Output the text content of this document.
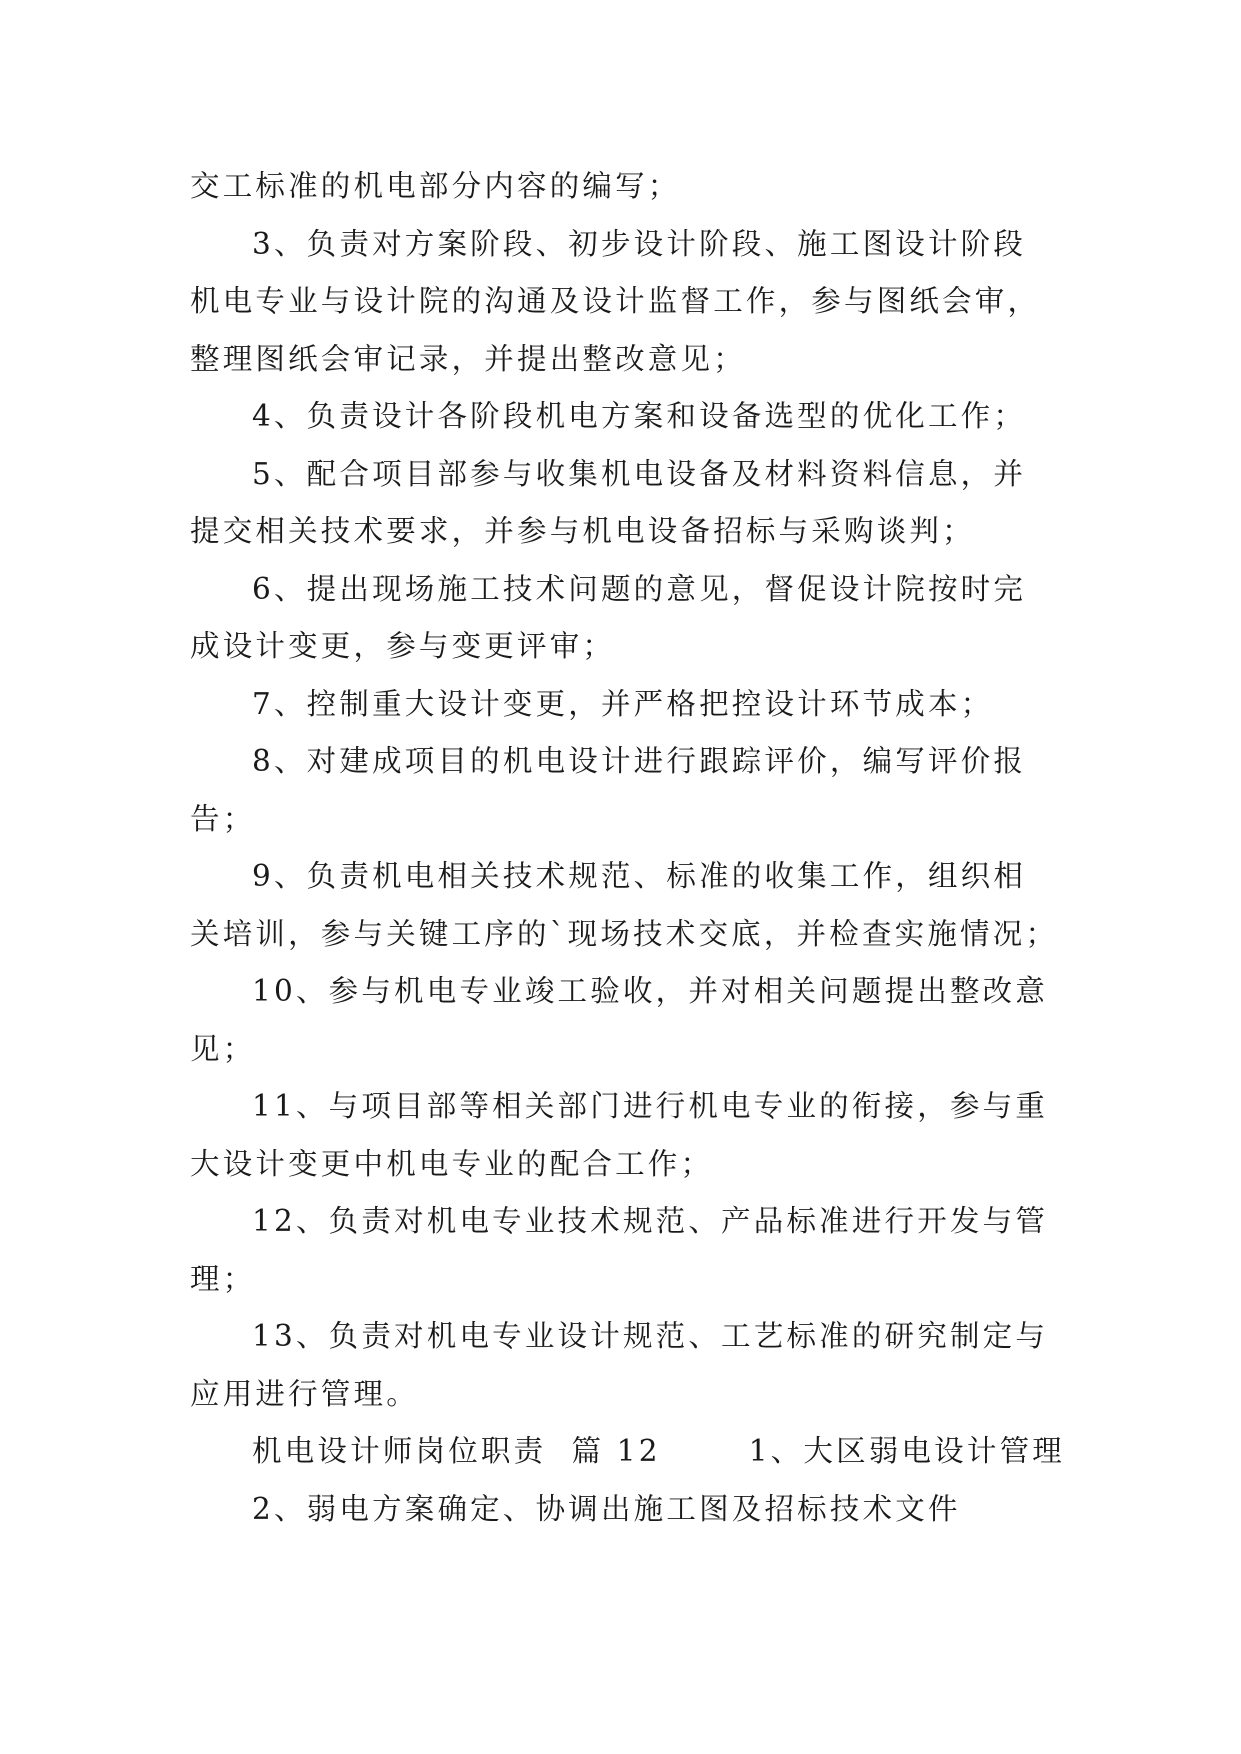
交工标准的机电部分内容的编写；
3、负责对方案阶段、初步设计阶段、施工图设计阶段
机电专业与设计院的沟通及设计监督工作，参与图纸会审，
整理图纸会审记录，并提出整改意见；
4、负责设计各阶段机电方案和设备选型的优化工作；
5、配合项目部参与收集机电设备及材料资料信息，并
提交相关技术要求，并参与机电设备招标与采购谈判；
6、提出现场施工技术问题的意见，督促设计院按时完
成设计变更，参与变更评审；
7、控制重大设计变更，并严格把控设计环节成本；
8、对建成项目的机电设计进行跟踪评价，编写评价报
告；
9、负责机电相关技术规范、标准的收集工作，组织相
关培训，参与关键工序的`现场技术交底，并检查实施情况；
10、参与机电专业竣工验收，并对相关问题提出整改意
见；
11、与项目部等相关部门进行机电专业的衔接，参与重
大设计变更中机电专业的配合工作；
12、负责对机电专业技术规范、产品标准进行开发与管
理；
13、负责对机电专业设计规范、工艺标准的研究制定与
应用进行管理。
机电设计师岗位职责  篇 12       1、大区弱电设计管理
2、弱电方案确定、协调出施工图及招标技术文件
